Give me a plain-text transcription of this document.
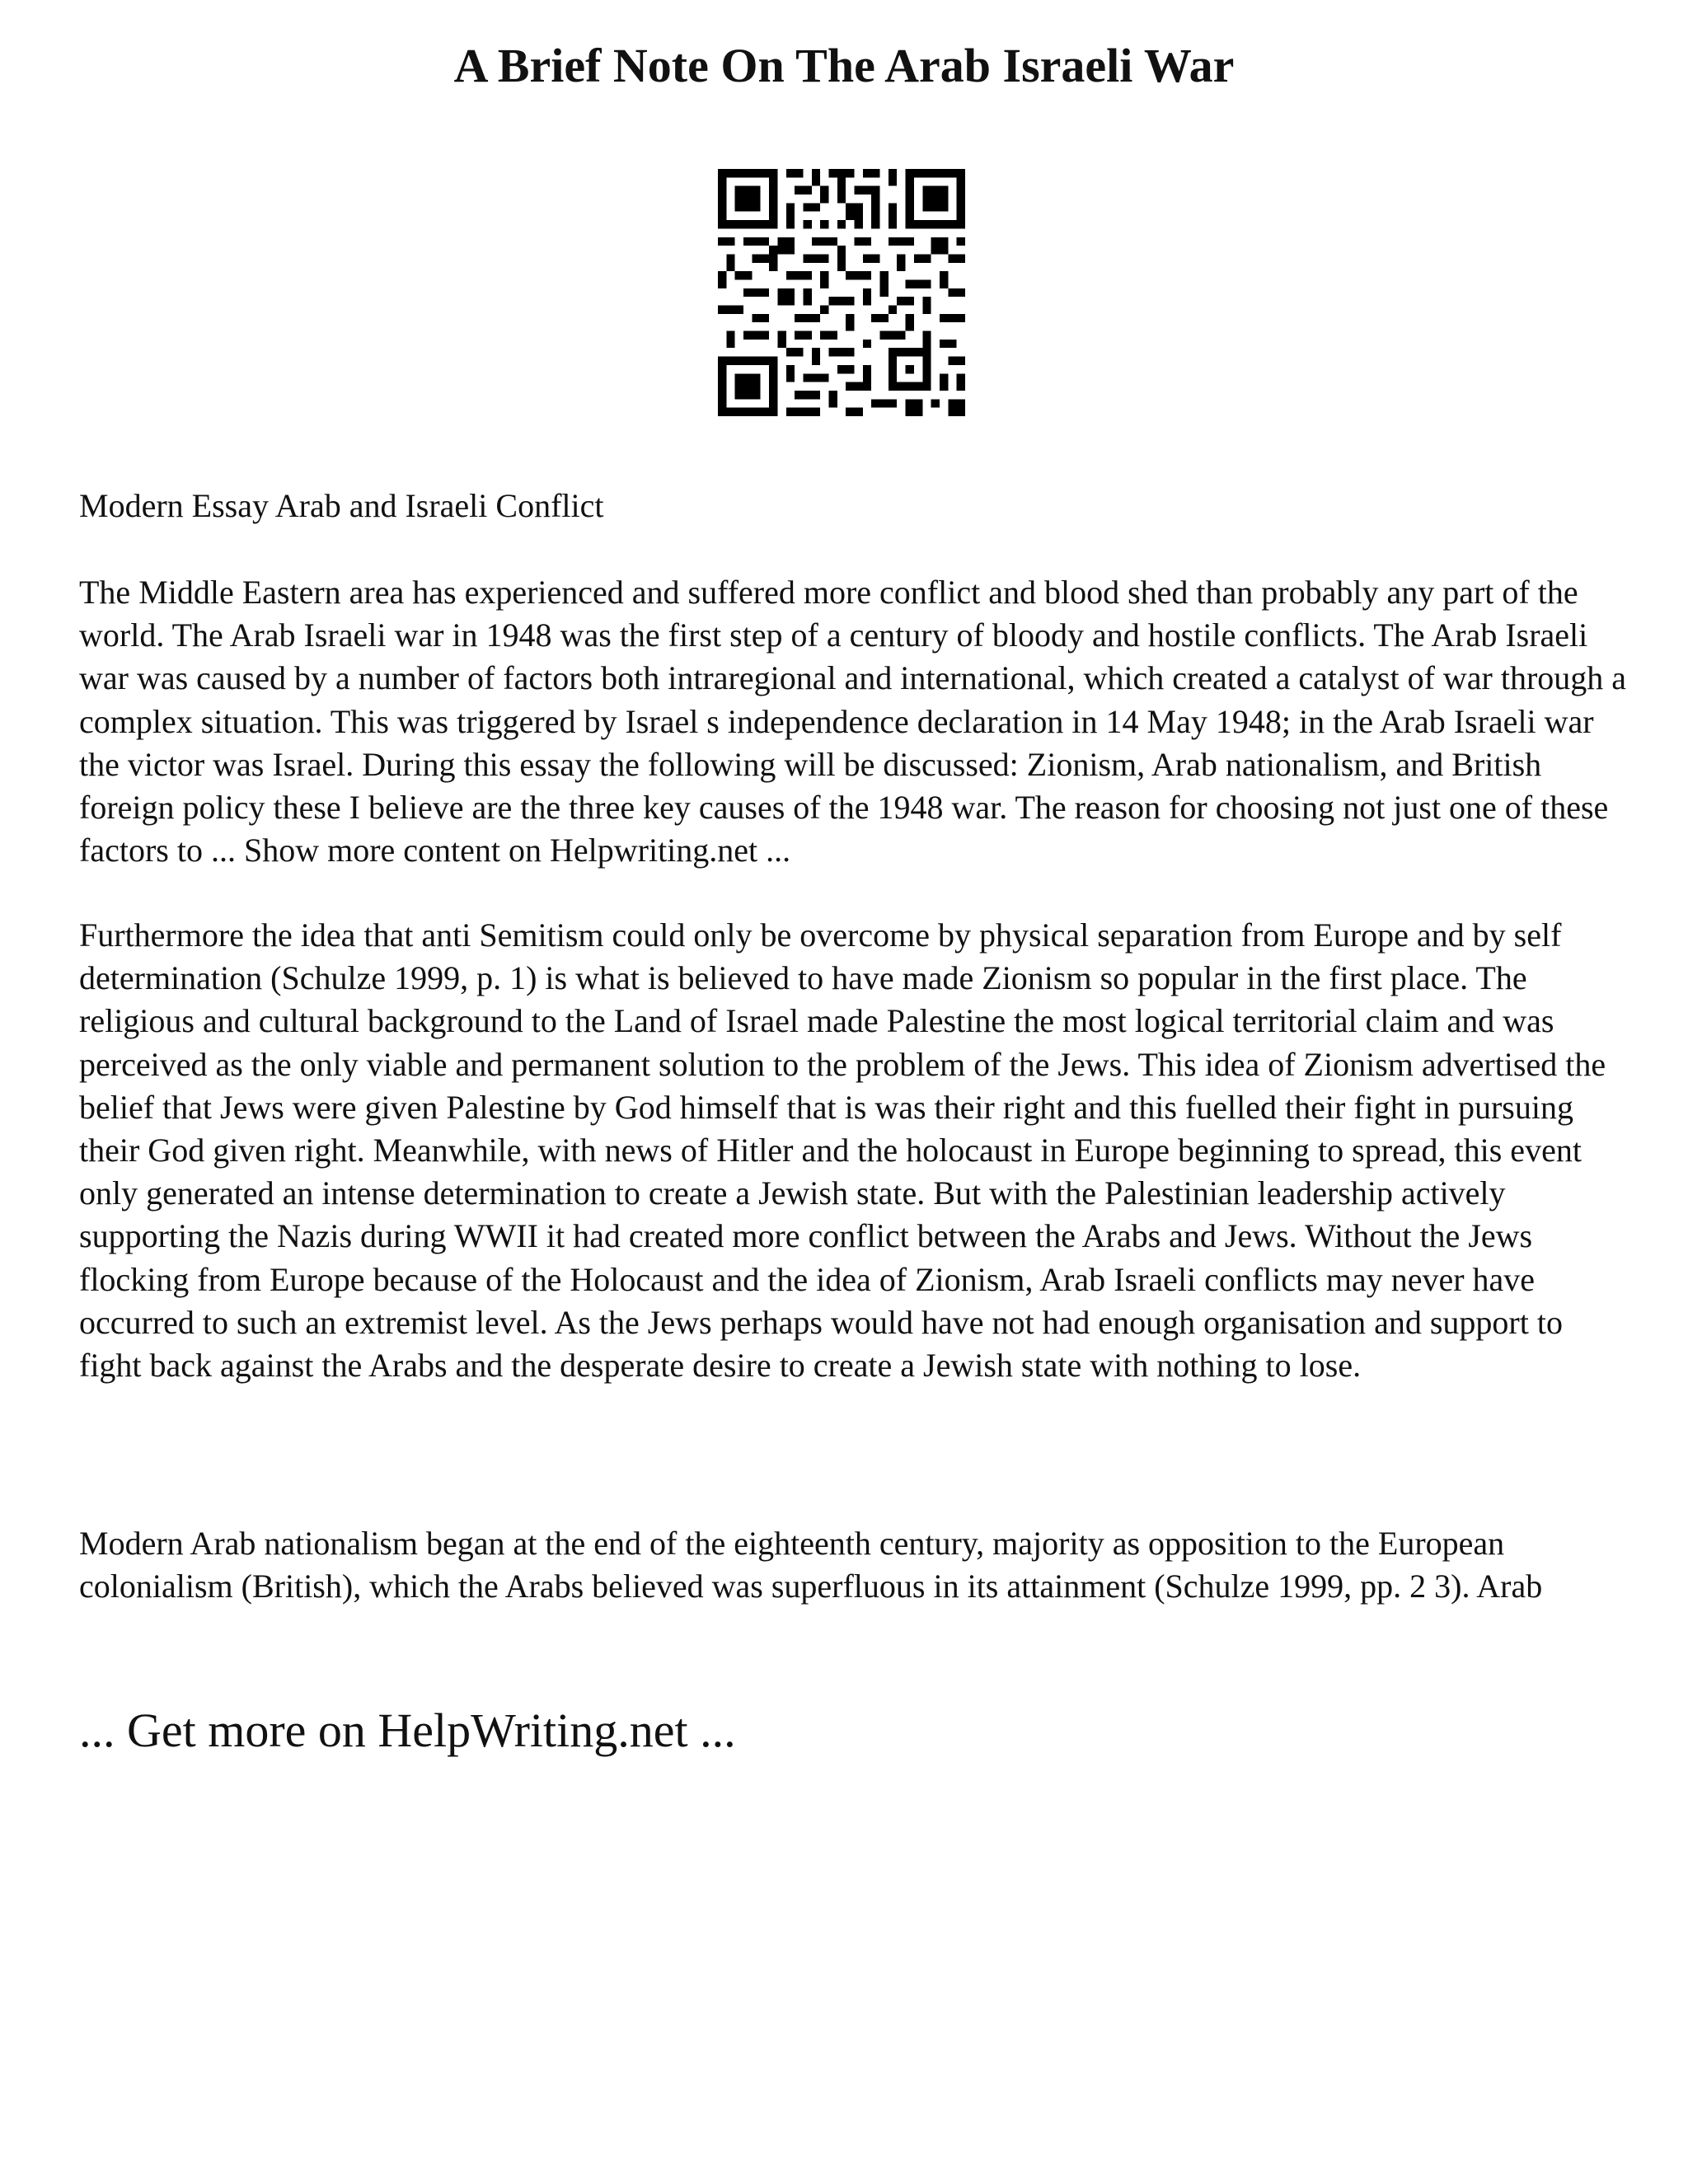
A Brief Note On The Arab Israeli War

Modern Essay Arab and Israeli Conflict

The Middle Eastern area has experienced and suffered more conflict and blood shed than probably any part of the world. The Arab Israeli war in 1948 was the first step of a century of bloody and hostile conflicts. The Arab Israeli war was caused by a number of factors both intraregional and international, which created a catalyst of war through a complex situation. This was triggered by Israel s independence declaration in 14 May 1948; in the Arab Israeli war the victor was Israel. During this essay the following will be discussed: Zionism, Arab nationalism, and British foreign policy these I believe are the three key causes of the 1948 war. The reason for choosing not just one of these factors to ... Show more content on Helpwriting.net ...

Furthermore the idea that anti Semitism could only be overcome by physical separation from Europe and by self determination (Schulze 1999, p. 1) is what is believed to have made Zionism so popular in the first place. The religious and cultural background to the Land of Israel made Palestine the most logical territorial claim and was perceived as the only viable and permanent solution to the problem of the Jews. This idea of Zionism advertised the belief that Jews were given Palestine by God himself that is was their right and this fuelled their fight in pursuing their God given right. Meanwhile, with news of Hitler and the holocaust in Europe beginning to spread, this event only generated an intense determination to create a Jewish state. But with the Palestinian leadership actively supporting the Nazis during WWII it had created more conflict between the Arabs and Jews. Without the Jews flocking from Europe because of the Holocaust and the idea of Zionism, Arab Israeli conflicts may never have occurred to such an extremist level. As the Jews perhaps would have not had enough organisation and support to fight back against the Arabs and the desperate desire to create a Jewish state with nothing to lose.

Modern Arab nationalism began at the end of the eighteenth century, majority as opposition to the European colonialism (British), which the Arabs believed was superfluous in its attainment (Schulze 1999, pp. 2 3). Arab

... Get more on HelpWriting.net ...
